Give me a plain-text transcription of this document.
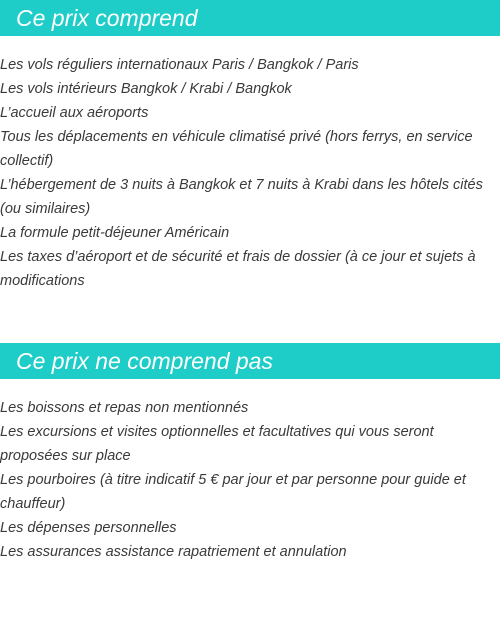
Ce prix comprend
Les vols réguliers internationaux Paris / Bangkok / Paris
Les vols intérieurs Bangkok / Krabi / Bangkok
L’accueil aux aéroports
Tous les déplacements en véhicule climatisé privé (hors ferrys, en service collectif)
L’hébergement de 3 nuits à Bangkok et 7 nuits à Krabi dans les hôtels cités (ou similaires)
La formule petit-déjeuner Américain
Les taxes d’aéroport et de sécurité et frais de dossier (à ce jour et sujets à modifications
Ce prix ne comprend pas
Les boissons et repas non mentionnés
Les excursions et visites optionnelles et facultatives qui vous seront proposées sur place
Les pourboires (à titre indicatif 5 € par jour et par personne pour guide et chauffeur)
Les dépenses personnelles
Les assurances assistance rapatriement et annulation
